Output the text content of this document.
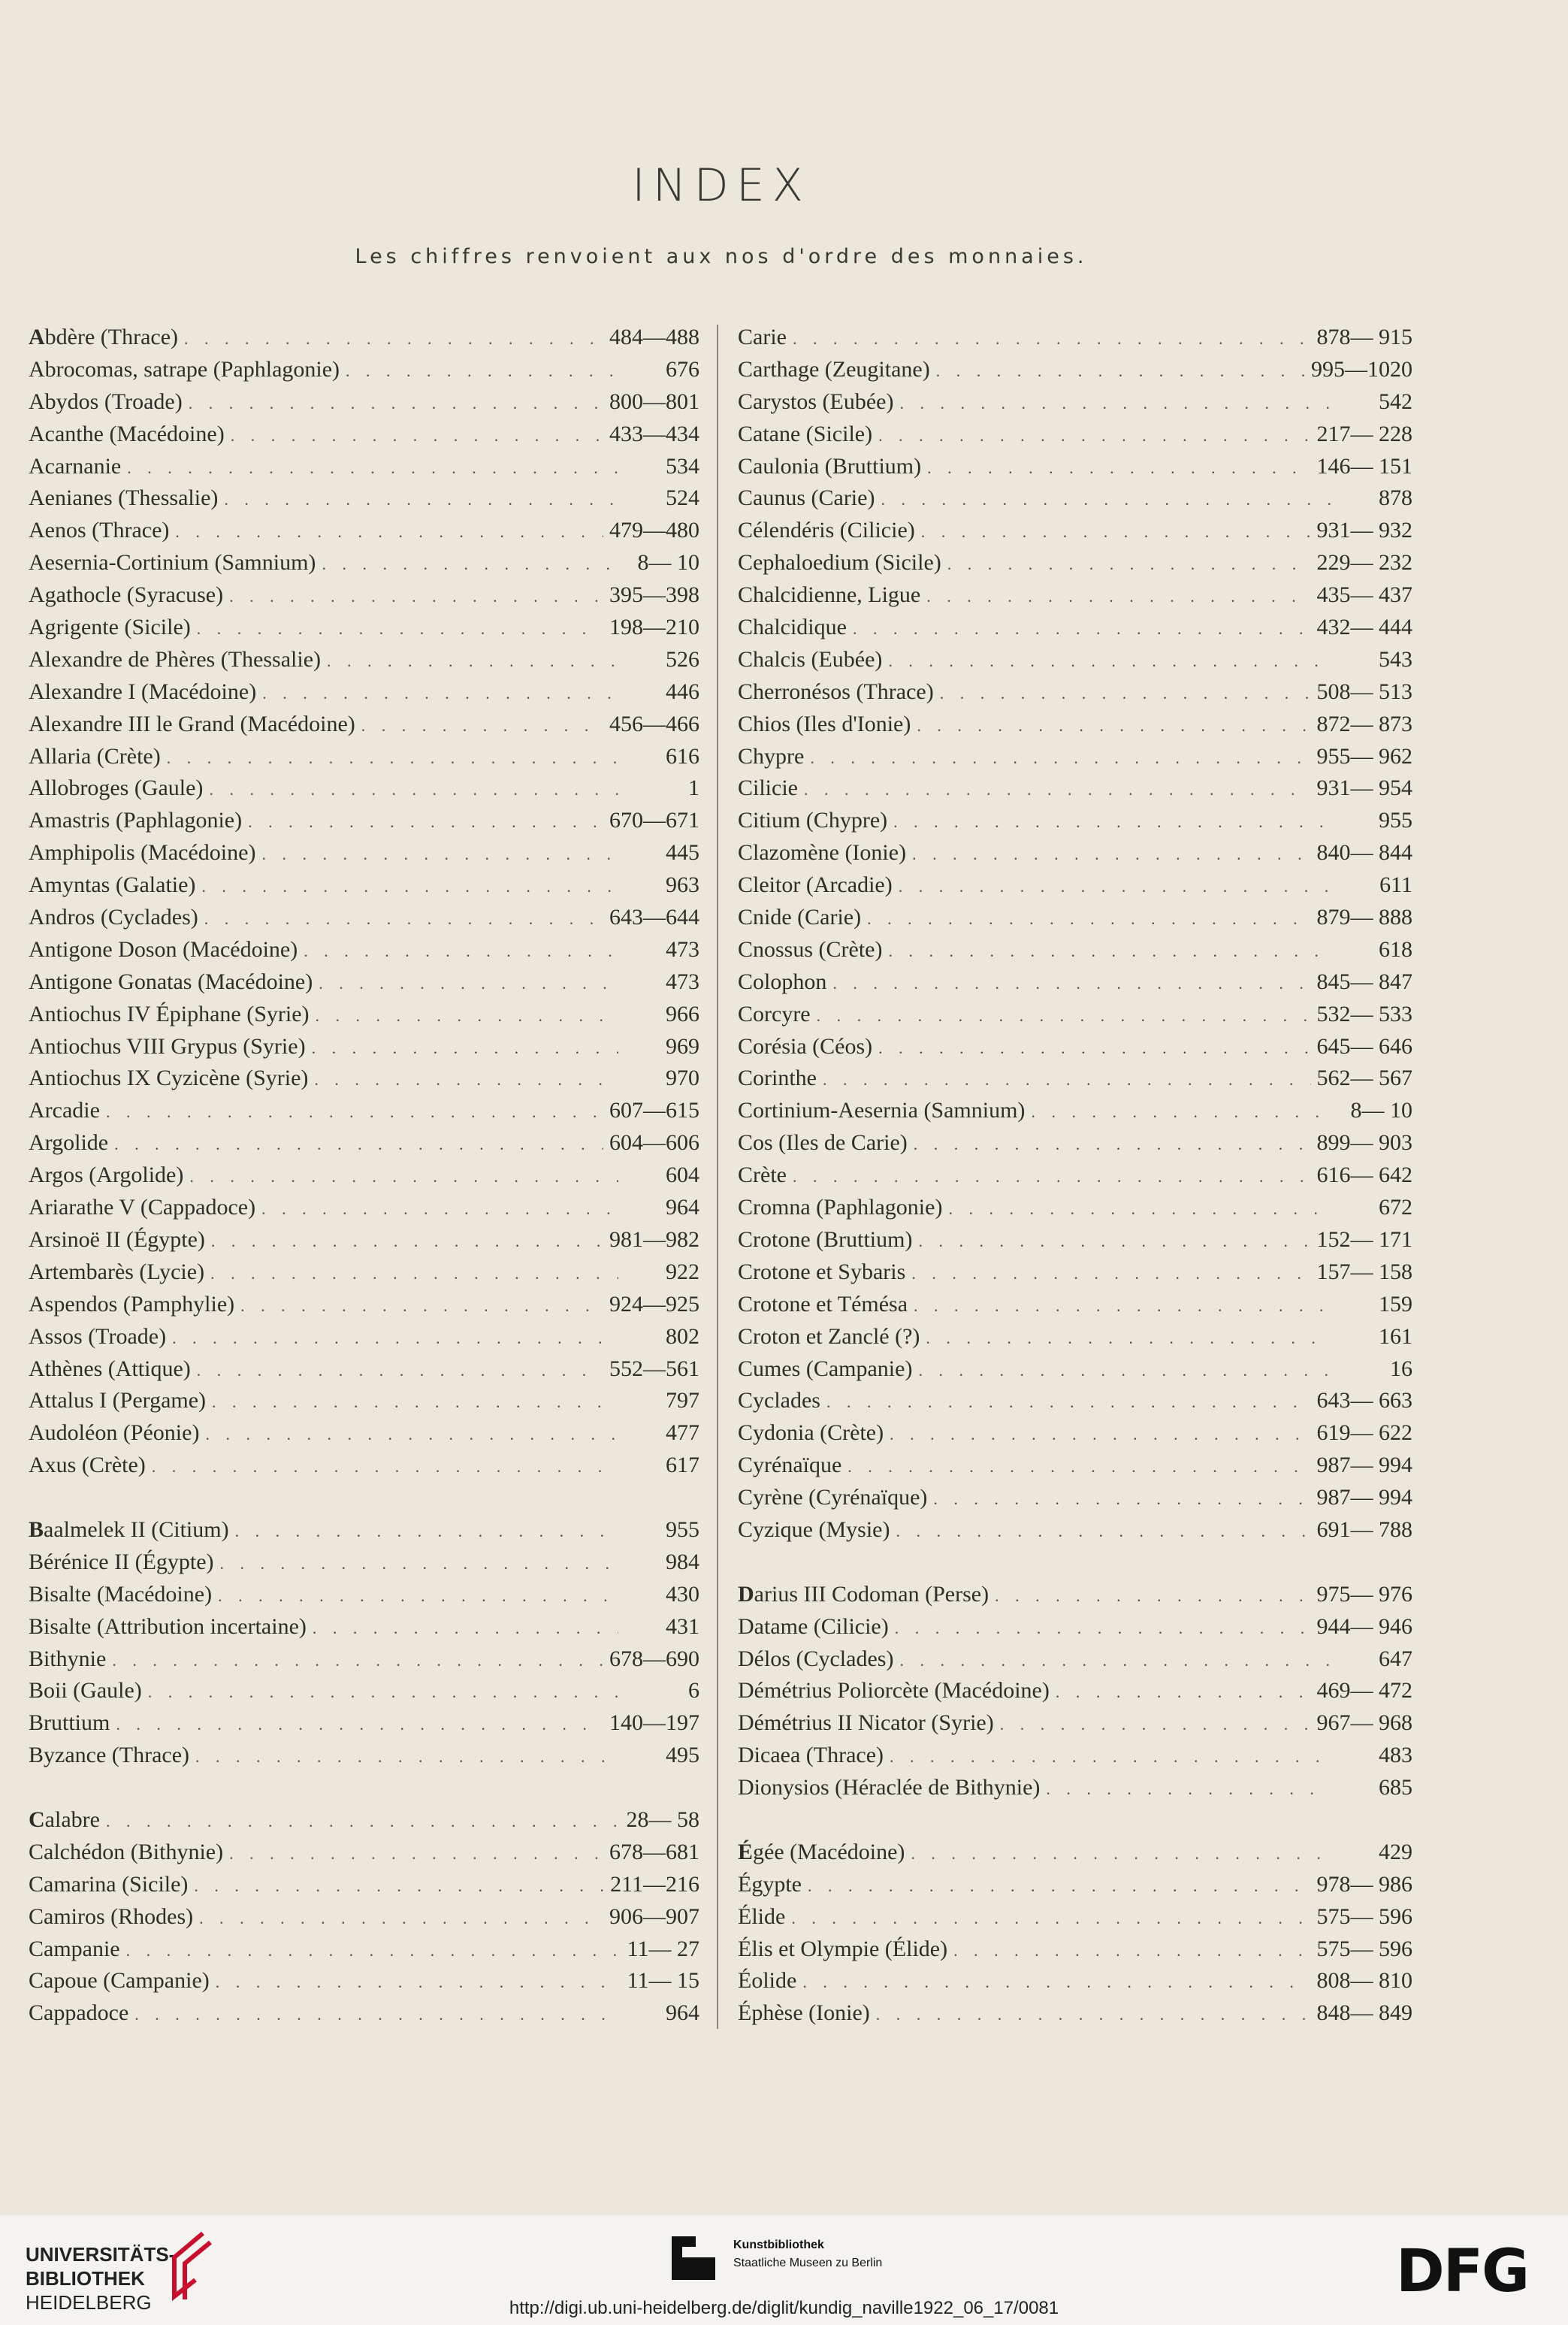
INDEX
Les chiffres renvoient aux nos d'ordre des monnaies.
Abdère (Thrace) . . .	484—488
Abrocomas, satrape (Paphlagonie) . . .	676
Abydos (Troade) . . .	800—801
Acanthe (Macédoine) . . .	433—434
Acarnanie . . .	534
Aenianes (Thessalie) . . .	524
Aenos (Thrace) . . .	479—480
Aesernia-Cortinium (Samnium) . . .	8— 10
Agathocle (Syracuse) . . .	395—398
Agrigente (Sicile) . . .	198—210
Alexandre de Phères (Thessalie) . . .	526
Alexandre I (Macédoine) . . .	446
Alexandre III le Grand (Macédoine) . . .	456—466
Allaria (Crète) . . .	616
Allobroges (Gaule) . . .	1
Amastris (Paphlagonie) . . .	670—671
Amphipolis (Macédoine) . . .	445
Amyntas (Galatie) . . .	963
Andros (Cyclades) . . .	643—644
Antigone Doson (Macédoine) . . .	473
Antigone Gonatas (Macédoine) . . .	473
Antiochus IV Épiphane (Syrie) . . .	966
Antiochus VIII Grypus (Syrie) . . .	969
Antiochus IX Cyzicène (Syrie) . . .	970
Arcadie . . .	607—615
Argolide . . .	604—606
Argos (Argolide) . . .	604
Ariarathe V (Cappadoce) . . .	964
Arsinoë II (Égypte) . . .	981—982
Artembarès (Lycie) . . .	922
Aspendos (Pamphylie) . . .	924—925
Assos (Troade) . . .	802
Athènes (Attique) . . .	552—561
Attalus I (Pergame) . . .	797
Audoléon (Péonie) . . .	477
Axus (Crète) . . .	617
Baalmelek II (Citium) . . .	955
Bérénice II (Égypte) . . .	984
Bisalte (Macédoine) . . .	430
Bisalte (Attribution incertaine) . . .	431
Bithynie . . .	678—690
Boii (Gaule) . . .	6
Bruttium . . .	140—197
Byzance (Thrace) . . .	495
Calabre . . .	28— 58
Calchédon (Bithynie) . . .	678—681
Camarina (Sicile) . . .	211—216
Camiros (Rhodes) . . .	906—907
Campanie . . .	11— 27
Capoue (Campanie) . . .	11— 15
Cappadoce . . .	964
Carie . . .	878— 915
Carthage (Zeugitane) . . .	995—1020
Carystos (Eubée) . . .	542
Catane (Sicile) . . .	217— 228
Caulonia (Bruttium) . . .	146— 151
Caunus (Carie) . . .	878
Célendéris (Cilicie) . . .	931— 932
Cephaloedium (Sicile) . . .	229— 232
Chalcidienne, Ligue . . .	435— 437
Chalcidique . . .	432— 444
Chalcis (Eubée) . . .	543
Cherronésos (Thrace) . . .	508— 513
Chios (Iles d'Ionie) . . .	872— 873
Chypre . . .	955— 962
Cilicie . . .	931— 954
Citium (Chypre) . . .	955
Clazomène (Ionie) . . .	840— 844
Cleitor (Arcadie) . . .	611
Cnide (Carie) . . .	879— 888
Cnossus (Crète) . . .	618
Colophon . . .	845— 847
Corcyre . . .	532— 533
Corésia (Céos) . . .	645— 646
Corinthe . . .	562— 567
Cortinium-Aesernia (Samnium) . . .	8— 10
Cos (Iles de Carie) . . .	899— 903
Crète . . .	616— 642
Cromna (Paphlagonie) . . .	672
Crotone (Bruttium) . . .	152— 171
Crotone et Sybaris . . .	157— 158
Crotone et Témésa . . .	159
Croton et Zanclé (?) . . .	161
Cumes (Campanie) . . .	16
Cyclades . . .	643— 663
Cydonia (Crète) . . .	619— 622
Cyrénaïque . . .	987— 994
Cyrène (Cyrénaïque) . . .	987— 994
Cyzique (Mysie) . . .	691— 788
Darius III Codoman (Perse) . . .	975— 976
Datame (Cilicie) . . .	944— 946
Délos (Cyclades) . . .	647
Démétrius Poliorcète (Macédoine) . . .	469— 472
Démétrius II Nicator (Syrie) . . .	967— 968
Dicaea (Thrace) . . .	483
Dionysios (Héraclée de Bithynie) . . .	685
Égée (Macédoine) . . .	429
Égypte . . .	978— 986
Élide . . .	575— 596
Élis et Olympie (Élide) . . .	575— 596
Éolide . . .	808— 810
Éphèse (Ionie) . . .	848— 849
UNIVERSITÄTS-
BIBLIOTHEK
HEIDELBERG
Kunstbibliothek
Staatliche Museen zu Berlin	DFG
http://digi.ub.uni-heidelberg.de/diglit/kundig_naville1922_06_17/0081
